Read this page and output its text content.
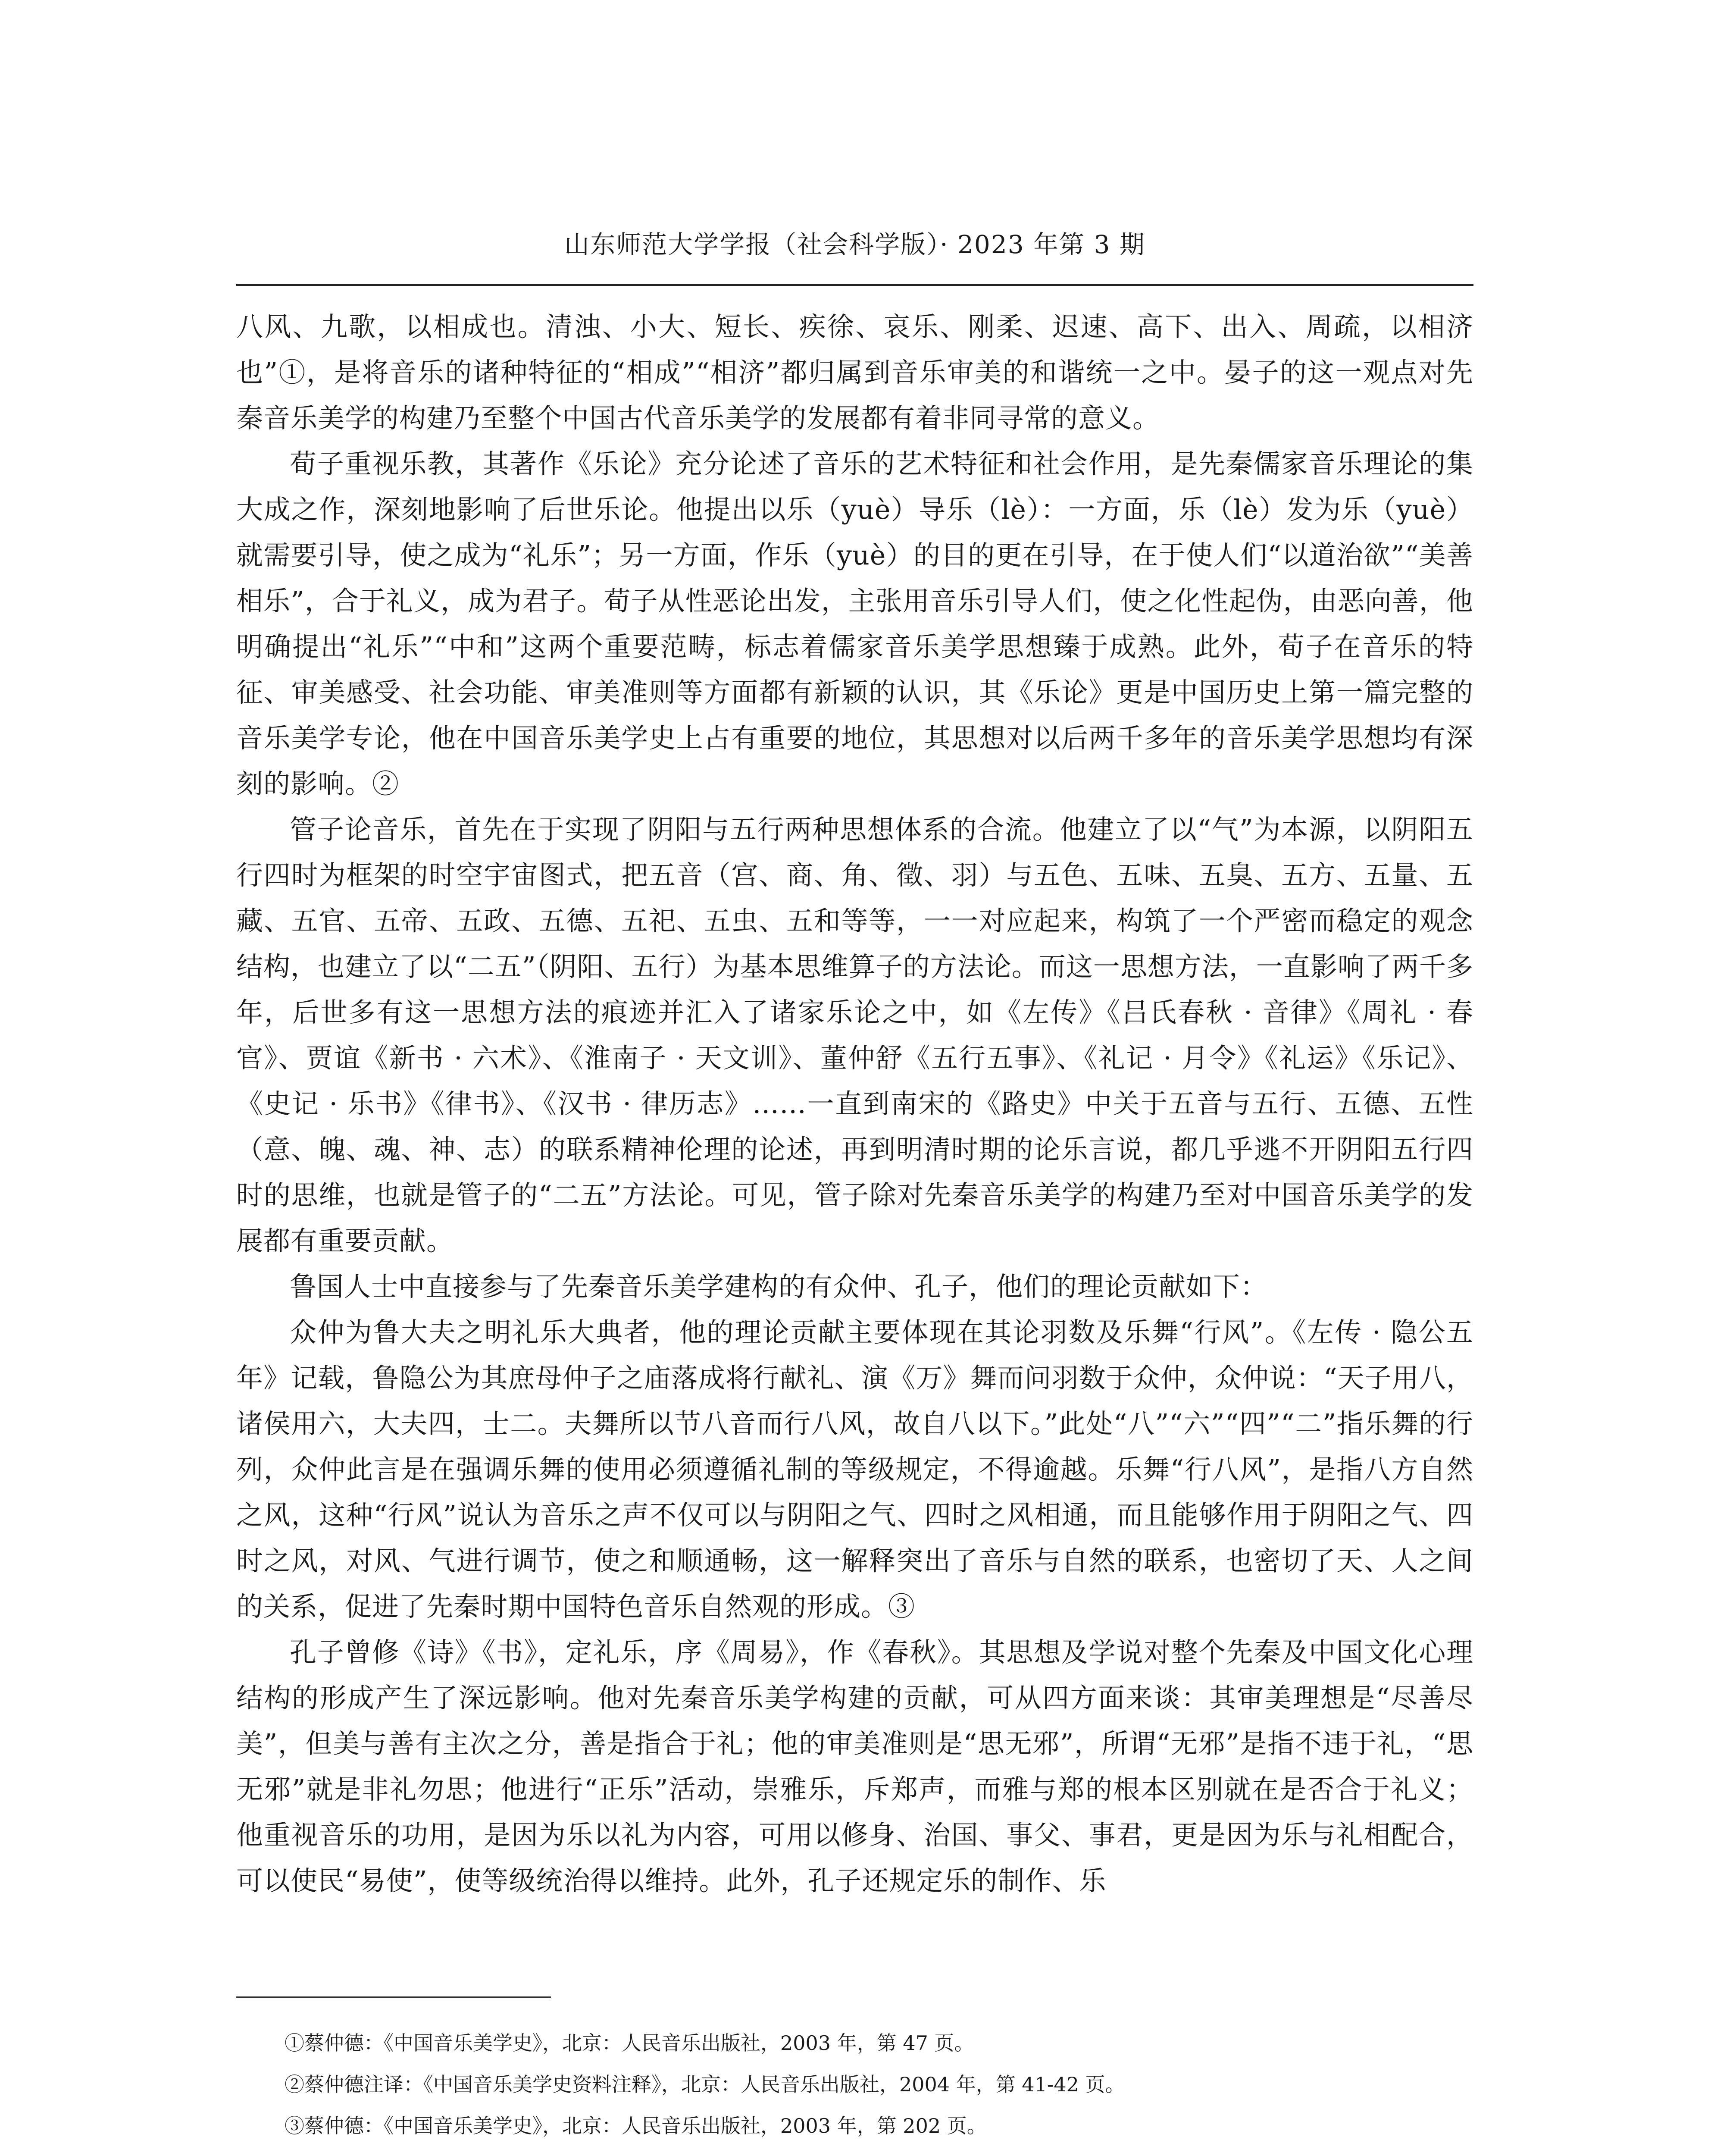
山东师范大学学报（社会科学版）· 2023 年第 3 期

八风、九歌，以相成也。清浊、小大、短长、疾徐、哀乐、刚柔、迟速、高下、出入、周疏，以相济也”①，是将音乐的诸种特征的“相成”“相济”都归属到音乐审美的和谐统一之中。晏子的这一观点对先秦音乐美学的构建乃至整个中国古代音乐美学的发展都有着非同寻常的意义。

荀子重视乐教，其著作《乐论》充分论述了音乐的艺术特征和社会作用，是先秦儒家音乐理论的集大成之作，深刻地影响了后世乐论。他提出以乐（yuè）导乐（lè）：一方面，乐（lè）发为乐（yuè）就需要引导，使之成为“礼乐”；另一方面，作乐（yuè）的目的更在引导，在于使人们“以道治欲”“美善相乐”，合于礼义，成为君子。荀子从性恶论出发，主张用音乐引导人们，使之化性起伪，由恶向善，他明确提出“礼乐”“中和”这两个重要范畴，标志着儒家音乐美学思想臻于成熟。此外，荀子在音乐的特征、审美感受、社会功能、审美准则等方面都有新颖的认识，其《乐论》更是中国历史上第一篇完整的音乐美学专论，他在中国音乐美学史上占有重要的地位，其思想对以后两千多年的音乐美学思想均有深刻的影响。②

管子论音乐，首先在于实现了阴阳与五行两种思想体系的合流。他建立了以“气”为本源，以阴阳五行四时为框架的时空宇宙图式，把五音（宫、商、角、徵、羽）与五色、五味、五臭、五方、五量、五藏、五官、五帝、五政、五德、五祀、五虫、五和等等，一一对应起来，构筑了一个严密而稳定的观念结构，也建立了以“二五”（阴阳、五行）为基本思维算子的方法论。而这一思想方法，一直影响了两千多年，后世多有这一思想方法的痕迹并汇入了诸家乐论之中，如《左传》《吕氏春秋 · 音律》《周礼 · 春官》、贾谊《新书 · 六术》、《淮南子 · 天文训》、董仲舒《五行五事》、《礼记 · 月令》《礼运》《乐记》、《史记 · 乐书》《律书》、《汉书 · 律历志》……一直到南宋的《路史》中关于五音与五行、五德、五性（意、魄、魂、神、志）的联系精神伦理的论述，再到明清时期的论乐言说，都几乎逃不开阴阳五行四时的思维，也就是管子的“二五”方法论。可见，管子除对先秦音乐美学的构建乃至对中国音乐美学的发展都有重要贡献。

鲁国人士中直接参与了先秦音乐美学建构的有众仲、孔子，他们的理论贡献如下：

众仲为鲁大夫之明礼乐大典者，他的理论贡献主要体现在其论羽数及乐舞“行风”。《左传 · 隐公五年》记载，鲁隐公为其庶母仲子之庙落成将行献礼、演《万》舞而问羽数于众仲，众仲说：“天子用八，诸侯用六，大夫四，士二。夫舞所以节八音而行八风，故自八以下。”此处“八”“六”“四”“二”指乐舞的行列，众仲此言是在强调乐舞的使用必须遵循礼制的等级规定，不得逾越。乐舞“行八风”，是指八方自然之风，这种“行风”说认为音乐之声不仅可以与阴阳之气、四时之风相通，而且能够作用于阴阳之气、四时之风，对风、气进行调节，使之和顺通畅，这一解释突出了音乐与自然的联系，也密切了天、人之间的关系，促进了先秦时期中国特色音乐自然观的形成。③

孔子曾修《诗》《书》，定礼乐，序《周易》，作《春秋》。其思想及学说对整个先秦及中国文化心理结构的形成产生了深远影响。他对先秦音乐美学构建的贡献，可从四方面来谈：其审美理想是“尽善尽美”，但美与善有主次之分，善是指合于礼；他的审美准则是“思无邪”，所谓“无邪”是指不违于礼，“思无邪”就是非礼勿思；他进行“正乐”活动，崇雅乐，斥郑声，而雅与郑的根本区别就在是否合于礼义；他重视音乐的功用，是因为乐以礼为内容，可用以修身、治国、事父、事君，更是因为乐与礼相配合，可以使民“易使”，使等级统治得以维持。此外，孔子还规定乐的制作、乐

①蔡仲德：《中国音乐美学史》，北京：人民音乐出版社，2003 年，第 47 页。

②蔡仲德注译：《中国音乐美学史资料注释》，北京：人民音乐出版社，2004 年，第 41-42 页。

③蔡仲德：《中国音乐美学史》，北京：人民音乐出版社，2003 年，第 202 页。
